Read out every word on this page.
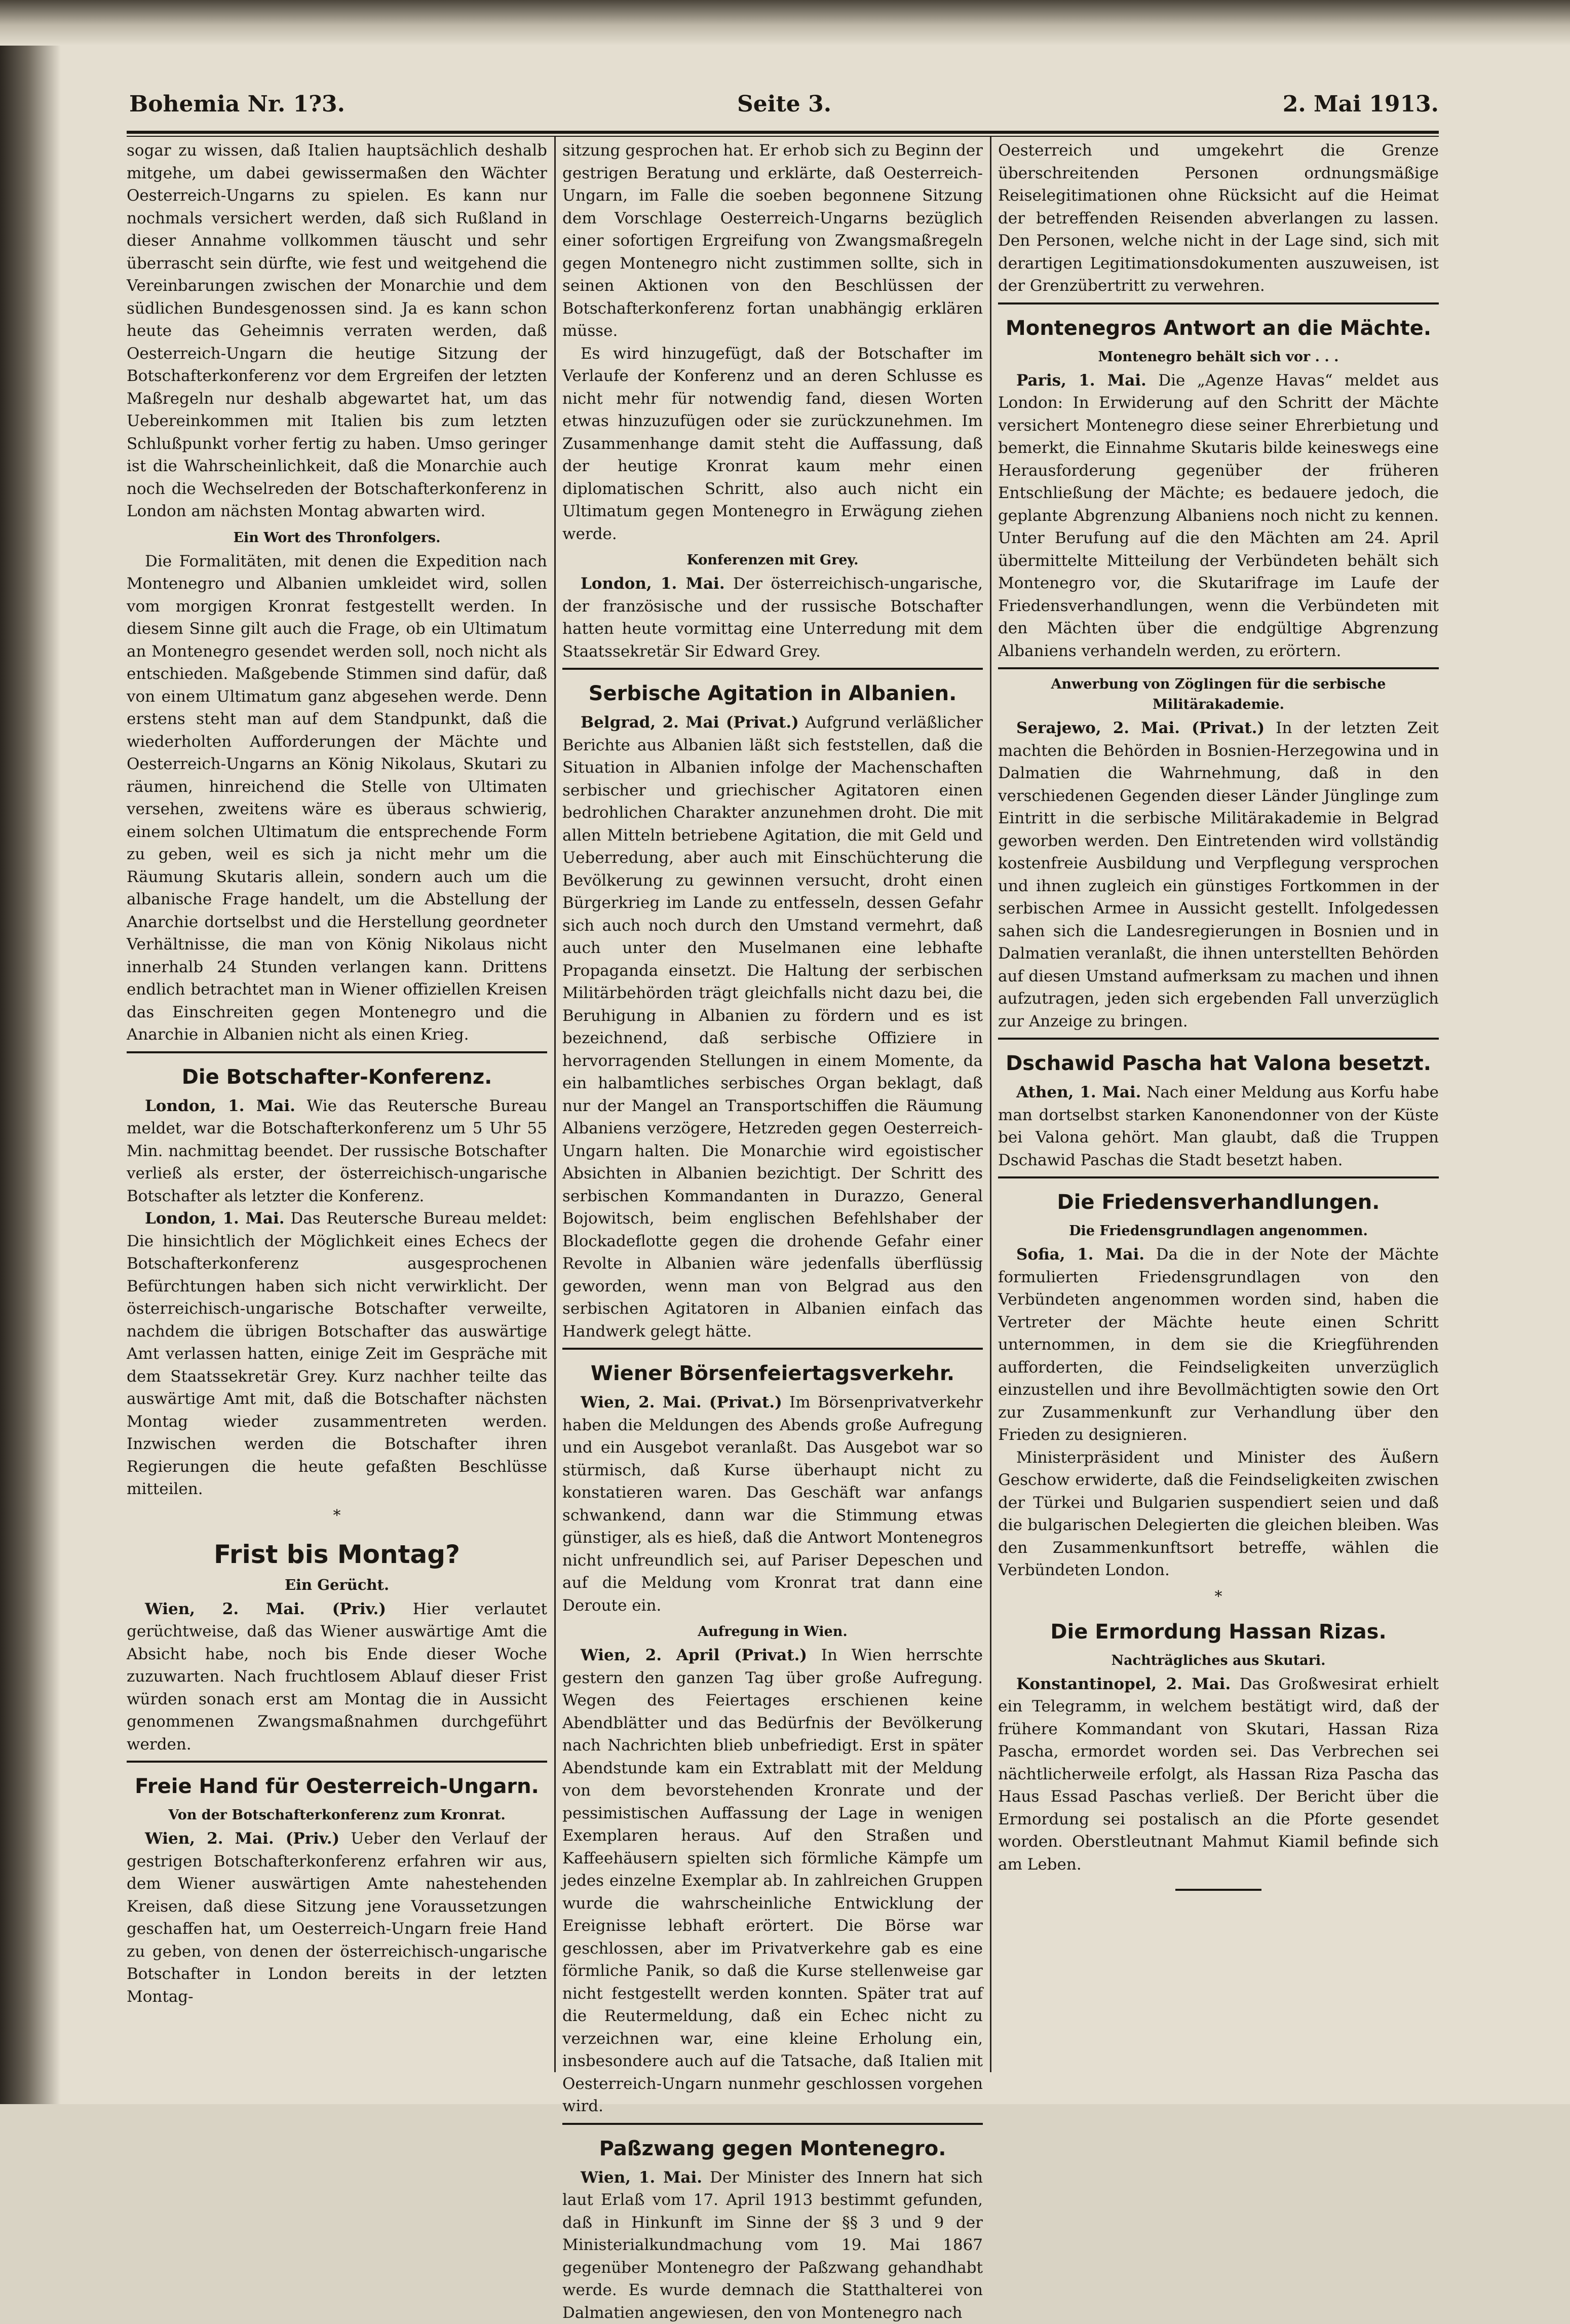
Bohemia Nr. 1?3.	Seite 3.	2. Mai 1913.

sogar zu wissen, daß Italien hauptsächlich deshalb mitgehe, um dabei gewissermaßen den Wächter Oesterreich-Ungarns zu spielen. Es kann nur nochmals versichert werden, daß sich Rußland in dieser Annahme vollkommen täuscht und sehr überrascht sein dürfte, wie fest und weitgehend die Vereinbarungen zwischen der Monarchie und dem südlichen Bundesgenossen sind. Ja es kann schon heute das Geheimnis verraten werden, daß Oesterreich-Ungarn die heutige Sitzung der Botschafterkonferenz vor dem Ergreifen der letzten Maßregeln nur deshalb abgewartet hat, um das Uebereinkommen mit Italien bis zum letzten Schlußpunkt vorher fertig zu haben. Umso geringer ist die Wahrscheinlichkeit, daß die Monarchie auch noch die Wechselreden der Botschafterkonferenz in London am nächsten Montag abwarten wird.

Ein Wort des Thronfolgers.

Die Formalitäten, mit denen die Expedition nach Montenegro und Albanien umkleidet wird, sollen vom morgigen Kronrat festgestellt werden. In diesem Sinne gilt auch die Frage, ob ein Ultimatum an Montenegro gesendet werden soll, noch nicht als entschieden. Maßgebende Stimmen sind dafür, daß von einem Ultimatum ganz abgesehen werde. Denn erstens steht man auf dem Standpunkt, daß die wiederholten Aufforderungen der Mächte und Oesterreich-Ungarns an König Nikolaus, Skutari zu räumen, hinreichend die Stelle von Ultimaten versehen, zweitens wäre es überaus schwierig, einem solchen Ultimatum die entsprechende Form zu geben, weil es sich ja nicht mehr um die Räumung Skutaris allein, sondern auch um die albanische Frage handelt, um die Abstellung der Anarchie dortselbst und die Herstellung geordneter Verhältnisse, die man von König Nikolaus nicht innerhalb 24 Stunden verlangen kann. Drittens endlich betrachtet man in Wiener offiziellen Kreisen das Einschreiten gegen Montenegro und die Anarchie in Albanien nicht als einen Krieg.

Die Botschafter-Konferenz.

London, 1. Mai. Wie das Reutersche Bureau meldet, war die Botschafterkonferenz um 5 Uhr 55 Min. nachmittag beendet. Der russische Botschafter verließ als erster, der österreichisch-ungarische Botschafter als letzter die Konferenz.

London, 1. Mai. Das Reutersche Bureau meldet: Die hinsichtlich der Möglichkeit eines Echecs der Botschafterkonferenz ausgesprochenen Befürchtungen haben sich nicht verwirklicht. Der österreichisch-ungarische Botschafter verweilte, nachdem die übrigen Botschafter das auswärtige Amt verlassen hatten, einige Zeit im Gespräche mit dem Staatssekretär Grey. Kurz nachher teilte das auswärtige Amt mit, daß die Botschafter nächsten Montag wieder zusammentreten werden. Inzwischen werden die Botschafter ihren Regierungen die heute gefaßten Beschlüsse mitteilen.

*
Frist bis Montag?
Ein Gerücht.

Wien, 2. Mai. (Priv.) Hier verlautet gerüchtweise, daß das Wiener auswärtige Amt die Absicht habe, noch bis Ende dieser Woche zuzuwarten. Nach fruchtlosem Ablauf dieser Frist würden sonach erst am Montag die in Aussicht genommenen Zwangsmaßnahmen durchgeführt werden.

Freie Hand für Oesterreich-Ungarn.
Von der Botschafterkonferenz zum Kronrat.

Wien, 2. Mai. (Priv.) Ueber den Verlauf der gestrigen Botschafterkonferenz erfahren wir aus, dem Wiener auswärtigen Amte nahestehenden Kreisen, daß diese Sitzung jene Voraussetzungen geschaffen hat, um Oesterreich-Ungarn freie Hand zu geben, von denen der österreichisch-ungarische Botschafter in London bereits in der letzten Montag-

sitzung gesprochen hat. Er erhob sich zu Beginn der gestrigen Beratung und erklärte, daß Oesterreich-Ungarn, im Falle die soeben begonnene Sitzung dem Vorschlage Oesterreich-Ungarns bezüglich einer sofortigen Ergreifung von Zwangsmaßregeln gegen Montenegro nicht zustimmen sollte, sich in seinen Aktionen von den Beschlüssen der Botschafterkonferenz fortan unabhängig erklären müsse.

Es wird hinzugefügt, daß der Botschafter im Verlaufe der Konferenz und an deren Schlusse es nicht mehr für notwendig fand, diesen Worten etwas hinzuzufügen oder sie zurückzunehmen. Im Zusammenhange damit steht die Auffassung, daß der heutige Kronrat kaum mehr einen diplomatischen Schritt, also auch nicht ein Ultimatum gegen Montenegro in Erwägung ziehen werde.

Konferenzen mit Grey.

London, 1. Mai. Der österreichisch-ungarische, der französische und der russische Botschafter hatten heute vormittag eine Unterredung mit dem Staatssekretär Sir Edward Grey.

Serbische Agitation in Albanien.

Belgrad, 2. Mai (Privat.) Aufgrund verläßlicher Berichte aus Albanien läßt sich feststellen, daß die Situation in Albanien infolge der Machenschaften serbischer und griechischer Agitatoren einen bedrohlichen Charakter anzunehmen droht. Die mit allen Mitteln betriebene Agitation, die mit Geld und Ueberredung, aber auch mit Einschüchterung die Bevölkerung zu gewinnen versucht, droht einen Bürgerkrieg im Lande zu entfesseln, dessen Gefahr sich auch noch durch den Umstand vermehrt, daß auch unter den Muselmanen eine lebhafte Propaganda einsetzt. Die Haltung der serbischen Militärbehörden trägt gleichfalls nicht dazu bei, die Beruhigung in Albanien zu fördern und es ist bezeichnend, daß serbische Offiziere in hervorragenden Stellungen in einem Momente, da ein halbamtliches serbisches Organ beklagt, daß nur der Mangel an Transportschiffen die Räumung Albaniens verzögere, Hetzreden gegen Oesterreich-Ungarn halten. Die Monarchie wird egoistischer Absichten in Albanien bezichtigt. Der Schritt des serbischen Kommandanten in Durazzo, General Bojowitsch, beim englischen Befehlshaber der Blockadeflotte gegen die drohende Gefahr einer Revolte in Albanien wäre jedenfalls überflüssig geworden, wenn man von Belgrad aus den serbischen Agitatoren in Albanien einfach das Handwerk gelegt hätte.

Wiener Börsenfeiertagsverkehr.

Wien, 2. Mai. (Privat.) Im Börsenprivatverkehr haben die Meldungen des Abends große Aufregung und ein Ausgebot veranlaßt. Das Ausgebot war so stürmisch, daß Kurse überhaupt nicht zu konstatieren waren. Das Geschäft war anfangs schwankend, dann war die Stimmung etwas günstiger, als es hieß, daß die Antwort Montenegros nicht unfreundlich sei, auf Pariser Depeschen und auf die Meldung vom Kronrat trat dann eine Deroute ein.

Aufregung in Wien.

Wien, 2. April (Privat.) In Wien herrschte gestern den ganzen Tag über große Aufregung. Wegen des Feiertages erschienen keine Abendblätter und das Bedürfnis der Bevölkerung nach Nachrichten blieb unbefriedigt. Erst in später Abendstunde kam ein Extrablatt mit der Meldung von dem bevorstehenden Kronrate und der pessimistischen Auffassung der Lage in wenigen Exemplaren heraus. Auf den Straßen und Kaffeehäusern spielten sich förmliche Kämpfe um jedes einzelne Exemplar ab. In zahlreichen Gruppen wurde die wahrscheinliche Entwicklung der Ereignisse lebhaft erörtert. Die Börse war geschlossen, aber im Privatverkehre gab es eine förmliche Panik, so daß die Kurse stellenweise gar nicht festgestellt werden konnten. Später trat auf die Reutermeldung, daß ein Echec nicht zu verzeichnen war, eine kleine Erholung ein, insbesondere auch auf die Tatsache, daß Italien mit Oesterreich-Ungarn nunmehr geschlossen vorgehen wird.

Paßzwang gegen Montenegro.

Wien, 1. Mai. Der Minister des Innern hat sich laut Erlaß vom 17. April 1913 bestimmt gefunden, daß in Hinkunft im Sinne der §§ 3 und 9 der Ministerialkundmachung vom 19. Mai 1867 gegenüber Montenegro der Paßzwang gehandhabt werde. Es wurde demnach die Statthalterei von Dalmatien angewiesen, den von Montenegro nach

Oesterreich und umgekehrt die Grenze überschreitenden Personen ordnungsmäßige Reiselegitimationen ohne Rücksicht auf die Heimat der betreffenden Reisenden abverlangen zu lassen. Den Personen, welche nicht in der Lage sind, sich mit derartigen Legitimationsdokumenten auszuweisen, ist der Grenzübertritt zu verwehren.

Montenegros Antwort an die Mächte.
Montenegro behält sich vor . . .

Paris, 1. Mai. Die „Agenze Havas“ meldet aus London: In Erwiderung auf den Schritt der Mächte versichert Montenegro diese seiner Ehrerbietung und bemerkt, die Einnahme Skutaris bilde keineswegs eine Herausforderung gegenüber der früheren Entschließung der Mächte; es bedauere jedoch, die geplante Abgrenzung Albaniens noch nicht zu kennen. Unter Berufung auf die den Mächten am 24. April übermittelte Mitteilung der Verbündeten behält sich Montenegro vor, die Skutarifrage im Laufe der Friedensverhandlungen, wenn die Verbündeten mit den Mächten über die endgültige Abgrenzung Albaniens verhandeln werden, zu erörtern.

Anwerbung von Zöglingen für die serbische Militärakademie.

Serajewo, 2. Mai. (Privat.) In der letzten Zeit machten die Behörden in Bosnien-Herzegowina und in Dalmatien die Wahrnehmung, daß in den verschiedenen Gegenden dieser Länder Jünglinge zum Eintritt in die serbische Militärakademie in Belgrad geworben werden. Den Eintretenden wird vollständig kostenfreie Ausbildung und Verpflegung versprochen und ihnen zugleich ein günstiges Fortkommen in der serbischen Armee in Aussicht gestellt. Infolgedessen sahen sich die Landesregierungen in Bosnien und in Dalmatien veranlaßt, die ihnen unterstellten Behörden auf diesen Umstand aufmerksam zu machen und ihnen aufzutragen, jeden sich ergebenden Fall unverzüglich zur Anzeige zu bringen.

Dschawid Pascha hat Valona besetzt.

Athen, 1. Mai. Nach einer Meldung aus Korfu habe man dortselbst starken Kanonendonner von der Küste bei Valona gehört. Man glaubt, daß die Truppen Dschawid Paschas die Stadt besetzt haben.

Die Friedensverhandlungen.
Die Friedensgrundlagen angenommen.

Sofia, 1. Mai. Da die in der Note der Mächte formulierten Friedensgrundlagen von den Verbündeten angenommen worden sind, haben die Vertreter der Mächte heute einen Schritt unternommen, in dem sie die Kriegführenden aufforderten, die Feindseligkeiten unverzüglich einzustellen und ihre Bevollmächtigten sowie den Ort zur Zusammenkunft zur Verhandlung über den Frieden zu designieren.

Ministerpräsident und Minister des Äußern Geschow erwiderte, daß die Feindseligkeiten zwischen der Türkei und Bulgarien suspendiert seien und daß die bulgarischen Delegierten die gleichen bleiben. Was den Zusammenkunftsort betreffe, wählen die Verbündeten London.

*
Die Ermordung Hassan Rizas.
Nachträgliches aus Skutari.

Konstantinopel, 2. Mai. Das Großwesirat erhielt ein Telegramm, in welchem bestätigt wird, daß der frühere Kommandant von Skutari, Hassan Riza Pascha, ermordet worden sei. Das Verbrechen sei nächtlicherweile erfolgt, als Hassan Riza Pascha das Haus Essad Paschas verließ. Der Bericht über die Ermordung sei postalisch an die Pforte gesendet worden. Oberstleutnant Mahmut Kiamil befinde sich am Leben.
